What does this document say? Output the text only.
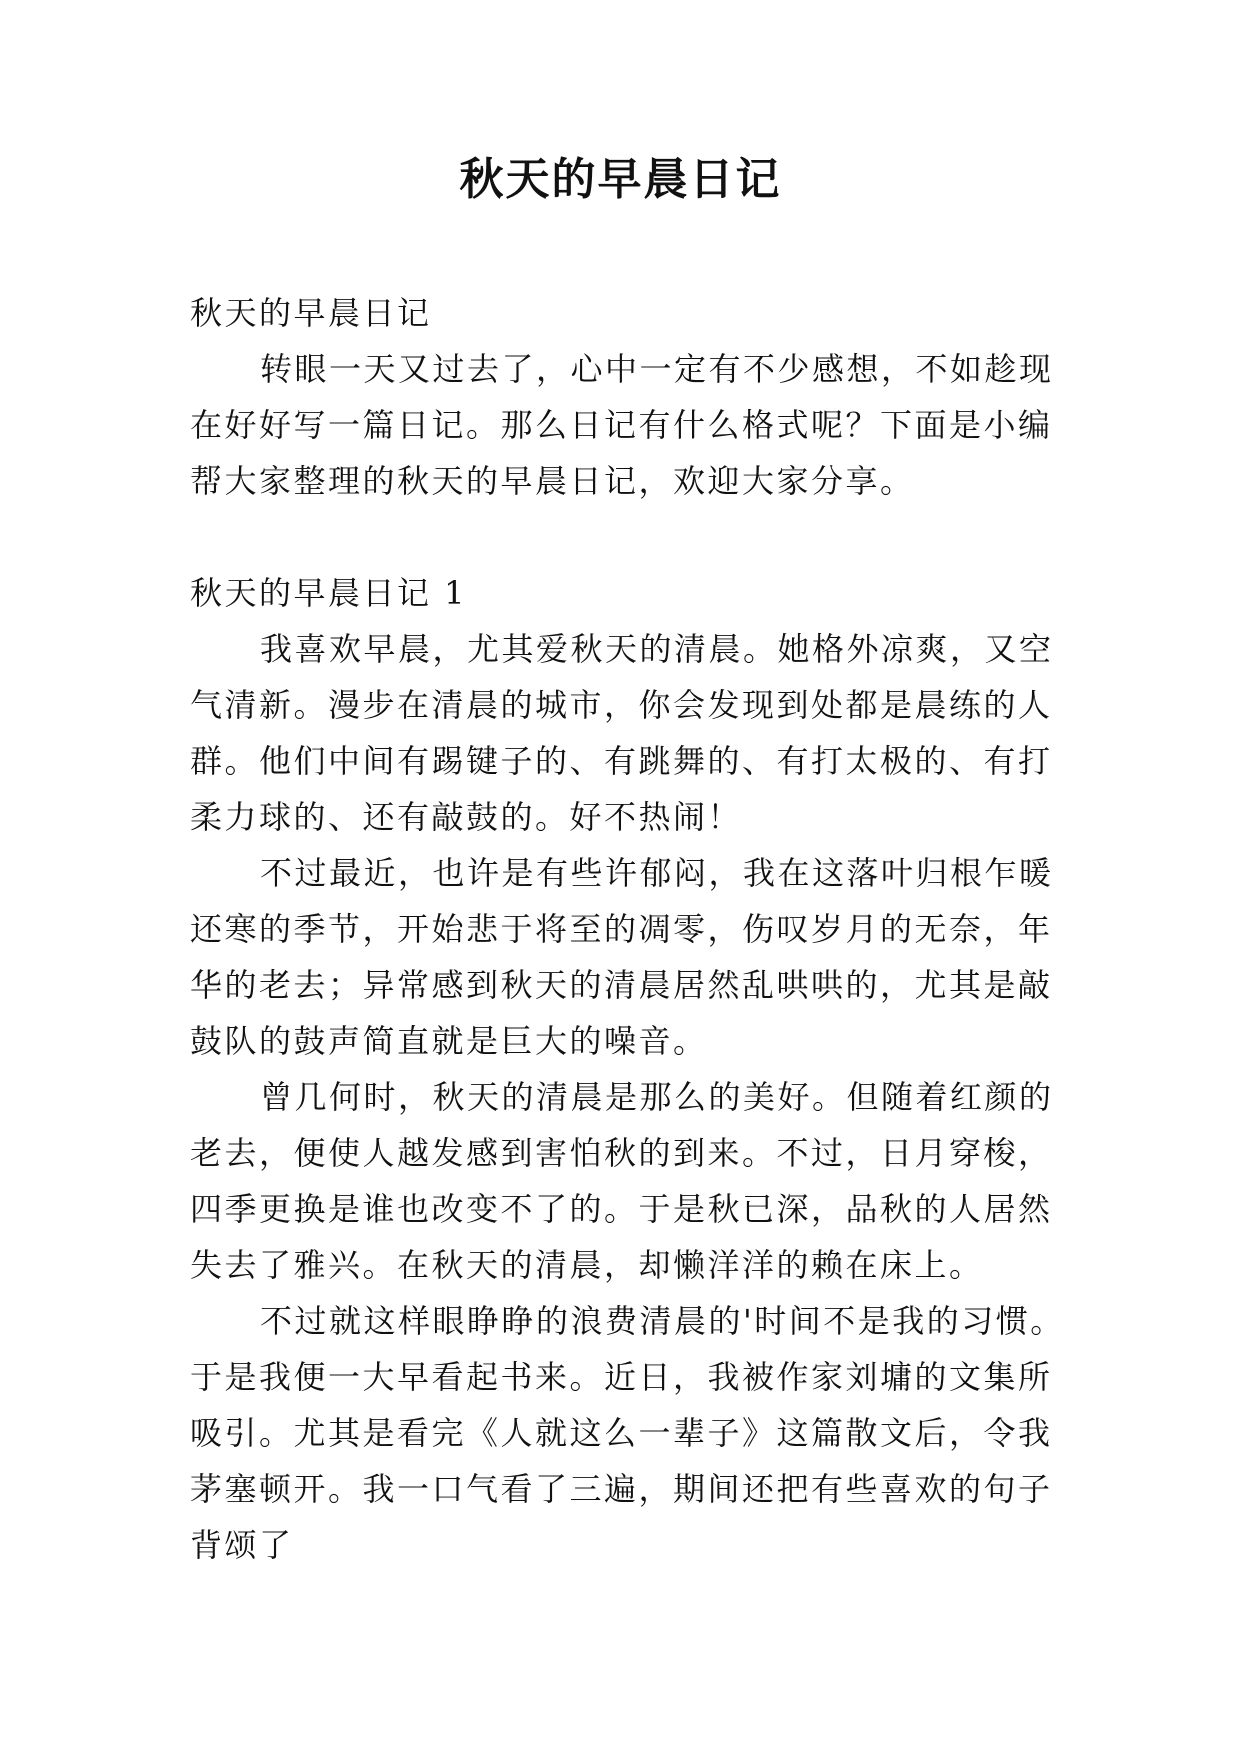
秋天的早晨日记

秋天的早晨日记

转眼一天又过去了，心中一定有不少感想，不如趁现在好好写一篇日记。那么日记有什么格式呢？下面是小编帮大家整理的秋天的早晨日记，欢迎大家分享。

秋天的早晨日记 1

我喜欢早晨，尤其爱秋天的清晨。她格外凉爽，又空气清新。漫步在清晨的城市，你会发现到处都是晨练的人群。他们中间有踢键子的、有跳舞的、有打太极的、有打柔力球的、还有敲鼓的。好不热闹！

不过最近，也许是有些许郁闷，我在这落叶归根乍暖还寒的季节，开始悲于将至的凋零，伤叹岁月的无奈，年华的老去；异常感到秋天的清晨居然乱哄哄的，尤其是敲鼓队的鼓声简直就是巨大的噪音。

曾几何时，秋天的清晨是那么的美好。但随着红颜的老去，便使人越发感到害怕秋的到来。不过，日月穿梭，四季更换是谁也改变不了的。于是秋已深，品秋的人居然失去了雅兴。在秋天的清晨，却懒洋洋的赖在床上。

不过就这样眼睁睁的浪费清晨的'时间不是我的习惯。于是我便一大早看起书来。近日，我被作家刘墉的文集所吸引。尤其是看完《人就这么一辈子》这篇散文后，令我茅塞顿开。我一口气看了三遍，期间还把有些喜欢的句子背颂了
